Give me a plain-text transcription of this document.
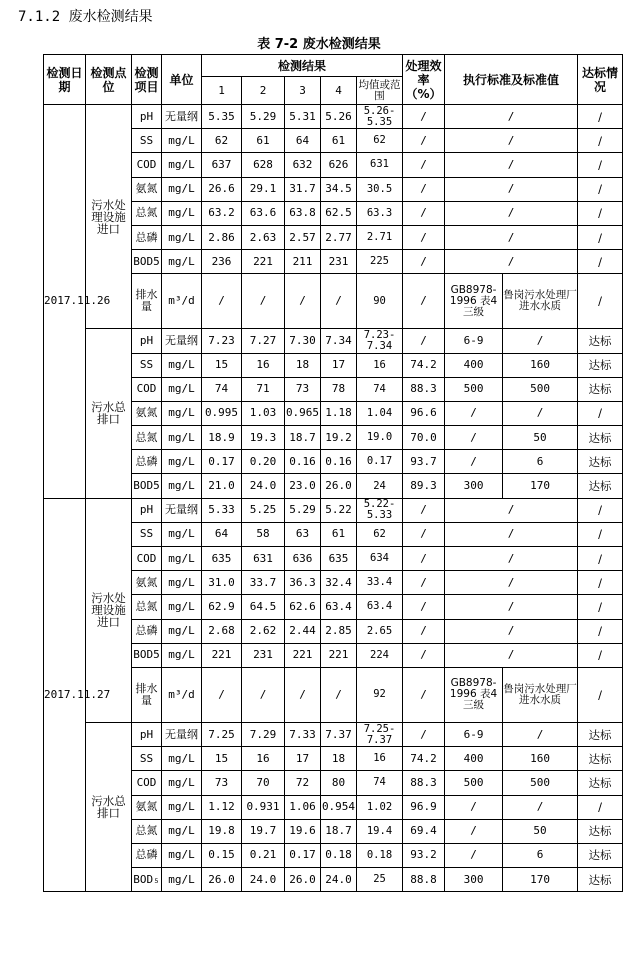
7.1.2 废水检测结果
表 7-2 废水检测结果
检测日期	检测点位	检测项目	单位	检测结果					处理效率（%）	执行标准及标准值		达标情况
				1	2	3	4	均值或范围				
2017.11.26	污水处理设施进口	pH	无量纲	5.35	5.29	5.31	5.26	5.26-5.35	/	/		/
		SS	mg/L	62	61	64	61	62	/	/		/
		COD	mg/L	637	628	632	626	631	/	/		/
		氨氮	mg/L	26.6	29.1	31.7	34.5	30.5	/	/		/
		总氮	mg/L	63.2	63.6	63.8	62.5	63.3	/	/		/
		总磷	mg/L	2.86	2.63	2.57	2.77	2.71	/	/		/
		BOD5	mg/L	236	221	211	231	225	/	/		/
		排水量	m³/d	/	/	/	/	90	/	GB8978-1996 表4 三级	鲁岗污水处理厂进水水质	/
	污水总排口	pH	无量纲	7.23	7.27	7.30	7.34	7.23-7.34	/	6-9	/	达标
		SS	mg/L	15	16	18	17	16	74.2	400	160	达标
		COD	mg/L	74	71	73	78	74	88.3	500	500	达标
		氨氮	mg/L	0.995	1.03	0.965	1.18	1.04	96.6	/	/	/
		总氮	mg/L	18.9	19.3	18.7	19.2	19.0	70.0	/	50	达标
		总磷	mg/L	0.17	0.20	0.16	0.16	0.17	93.7	/	6	达标
		BOD5	mg/L	21.0	24.0	23.0	26.0	24	89.3	300	170	达标
2017.11.27	污水处理设施进口	pH	无量纲	5.33	5.25	5.29	5.22	5.22-5.33	/	/		/
		SS	mg/L	64	58	63	61	62	/	/		/
		COD	mg/L	635	631	636	635	634	/	/		/
		氨氮	mg/L	31.0	33.7	36.3	32.4	33.4	/	/		/
		总氮	mg/L	62.9	64.5	62.6	63.4	63.4	/	/		/
		总磷	mg/L	2.68	2.62	2.44	2.85	2.65	/	/		/
		BOD5	mg/L	221	231	221	221	224	/	/		/
		排水量	m³/d	/	/	/	/	92	/	GB8978-1996 表4 三级	鲁岗污水处理厂进水水质	/
	污水总排口	pH	无量纲	7.25	7.29	7.33	7.37	7.25-7.37	/	6-9	/	达标
		SS	mg/L	15	16	17	18	16	74.2	400	160	达标
		COD	mg/L	73	70	72	80	74	88.3	500	500	达标
		氨氮	mg/L	1.12	0.931	1.06	0.954	1.02	96.9	/	/	/
		总氮	mg/L	19.8	19.7	19.6	18.7	19.4	69.4	/	50	达标
		总磷	mg/L	0.15	0.21	0.17	0.18	0.18	93.2	/	6	达标
		BOD₅	mg/L	26.0	24.0	26.0	24.0	25	88.8	300	170	达标
